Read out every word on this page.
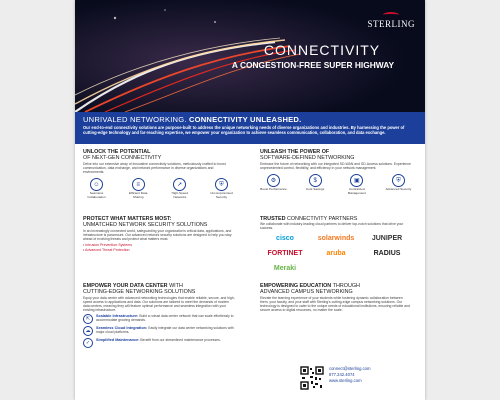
STERLING
CONNECTIVITY
A CONGESTION-FREE SUPER HIGHWAY
UNRIVALED NETWORKING. CONNECTIVITY UNLEASHED.
Our end-to-end connectivity solutions are purpose-built to address the unique networking needs of diverse organizations and industries. By harnessing the power of cutting-edge technology and far-reaching expertise, we empower your organization to achieve seamless communication, collaboration, and data exchange.
UNLOCK THE POTENTIAL
OF NEXT-GEN CONNECTIVITY
Delve into our extensive array of innovative connectivity solutions, meticulously crafted to boost communication, data exchange, and network performance in diverse organizations and environments.
☺
Seamless Collaboration
≡
Efficient Data Sharing
➚
High-Speed Networks
⛨
Uncompromised Security
PROTECT WHAT MATTERS MOST:
UNMATCHED NETWORK SECURITY SOLUTIONS
In an increasingly connected world, safeguarding your organization's critical data, applications, and infrastructure is paramount. Our advanced network security solutions are designed to help you stay ahead of evolving threats and protect what matters most.
• Intrusion Prevention Systems
• Advanced Threat Protection
EMPOWER YOUR DATA CENTER WITH
CUTTING-EDGE NETWORKING SOLUTIONS
Equip your data center with advanced networking technologies that enable reliable, secure, and high-speed access to applications and data. Our solutions are tailored to meet the demands of modern data centers, meaning they will feature optimal performance and seamless integration with your existing infrastructure.
⇱	Scalable Infrastructure: Build a robust data center network that can scale effortlessly to accommodate growing demands.
☁	Seamless Cloud Integration: Easily integrate our data center networking solutions with major cloud platforms.
✓	Simplified Maintenance: Benefit from our streamlined maintenance processes.
UNLEASH THE POWER OF
SOFTWARE-DEFINED NETWORKING
Embrace the future of networking with our integrated SD-WAN and SD-Access solutions. Experience unprecedented control, flexibility, and efficiency in your network management.
⚙
Boost Performance
$
Cost Savings
▣
Centralized Management
⛨
Advanced Security
TRUSTED CONNECTIVITY PARTNERS
We collaborate with industry-leading cloud partners to deliver top-notch solutions that drive your success.
cisco	solarwinds	JUNIPER
FORTINET	aruba	RADIUS
Meraki
EMPOWERING EDUCATION THROUGH
ADVANCED CAMPUS NETWORKING
Elevate the learning experience of your students while fostering dynamic collaboration between them, your faculty, and your staff with Sterling's cutting-edge campus networking solutions. Our technology is designed to cater to the unique needs of educational institutions, ensuring reliable and secure access to digital resources, no matter the scale.
connect@sterling.com
877.242.4074
www.sterling.com
